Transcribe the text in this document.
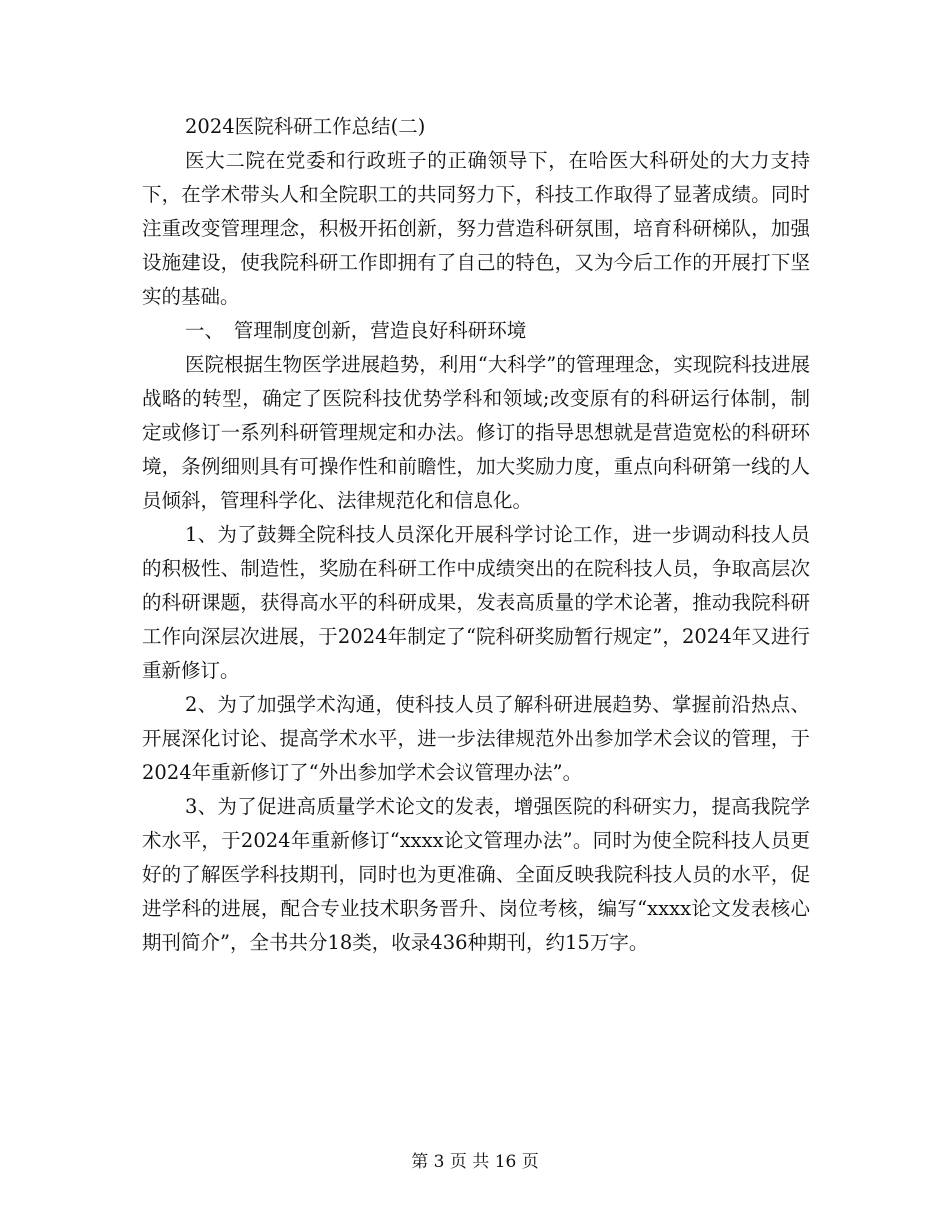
2024医院科研工作总结(二)

医大二院在党委和行政班子的正确领导下，在哈医大科研处的大力支持下，在学术带头人和全院职工的共同努力下，科技工作取得了显著成绩。同时注重改变管理理念，积极开拓创新，努力营造科研氛围，培育科研梯队，加强设施建设，使我院科研工作即拥有了自己的特色，又为今后工作的开展打下坚实的基础。

一、　管理制度创新，营造良好科研环境

医院根据生物医学进展趋势，利用“大科学”的管理理念，实现院科技进展战略的转型，确定了医院科技优势学科和领域;改变原有的科研运行体制，制定或修订一系列科研管理规定和办法。修订的指导思想就是营造宽松的科研环境，条例细则具有可操作性和前瞻性，加大奖励力度，重点向科研第一线的人员倾斜，管理科学化、法律规范化和信息化。

1、为了鼓舞全院科技人员深化开展科学讨论工作，进一步调动科技人员的积极性、制造性，奖励在科研工作中成绩突出的在院科技人员，争取高层次的科研课题，获得高水平的科研成果，发表高质量的学术论著，推动我院科研工作向深层次进展，于2024年制定了“院科研奖励暂行规定”，2024年又进行重新修订。

2、为了加强学术沟通，使科技人员了解科研进展趋势、掌握前沿热点、开展深化讨论、提高学术水平，进一步法律规范外出参加学术会议的管理，于2024年重新修订了“外出参加学术会议管理办法”。

3、为了促进高质量学术论文的发表，增强医院的科研实力，提高我院学术水平，于2024年重新修订“xxxx论文管理办法”。同时为使全院科技人员更好的了解医学科技期刊，同时也为更准确、全面反映我院科技人员的水平，促进学科的进展，配合专业技术职务晋升、岗位考核，编写“xxxx论文发表核心期刊简介”，全书共分18类，收录436种期刊，约15万字。

第 3 页 共 16 页
